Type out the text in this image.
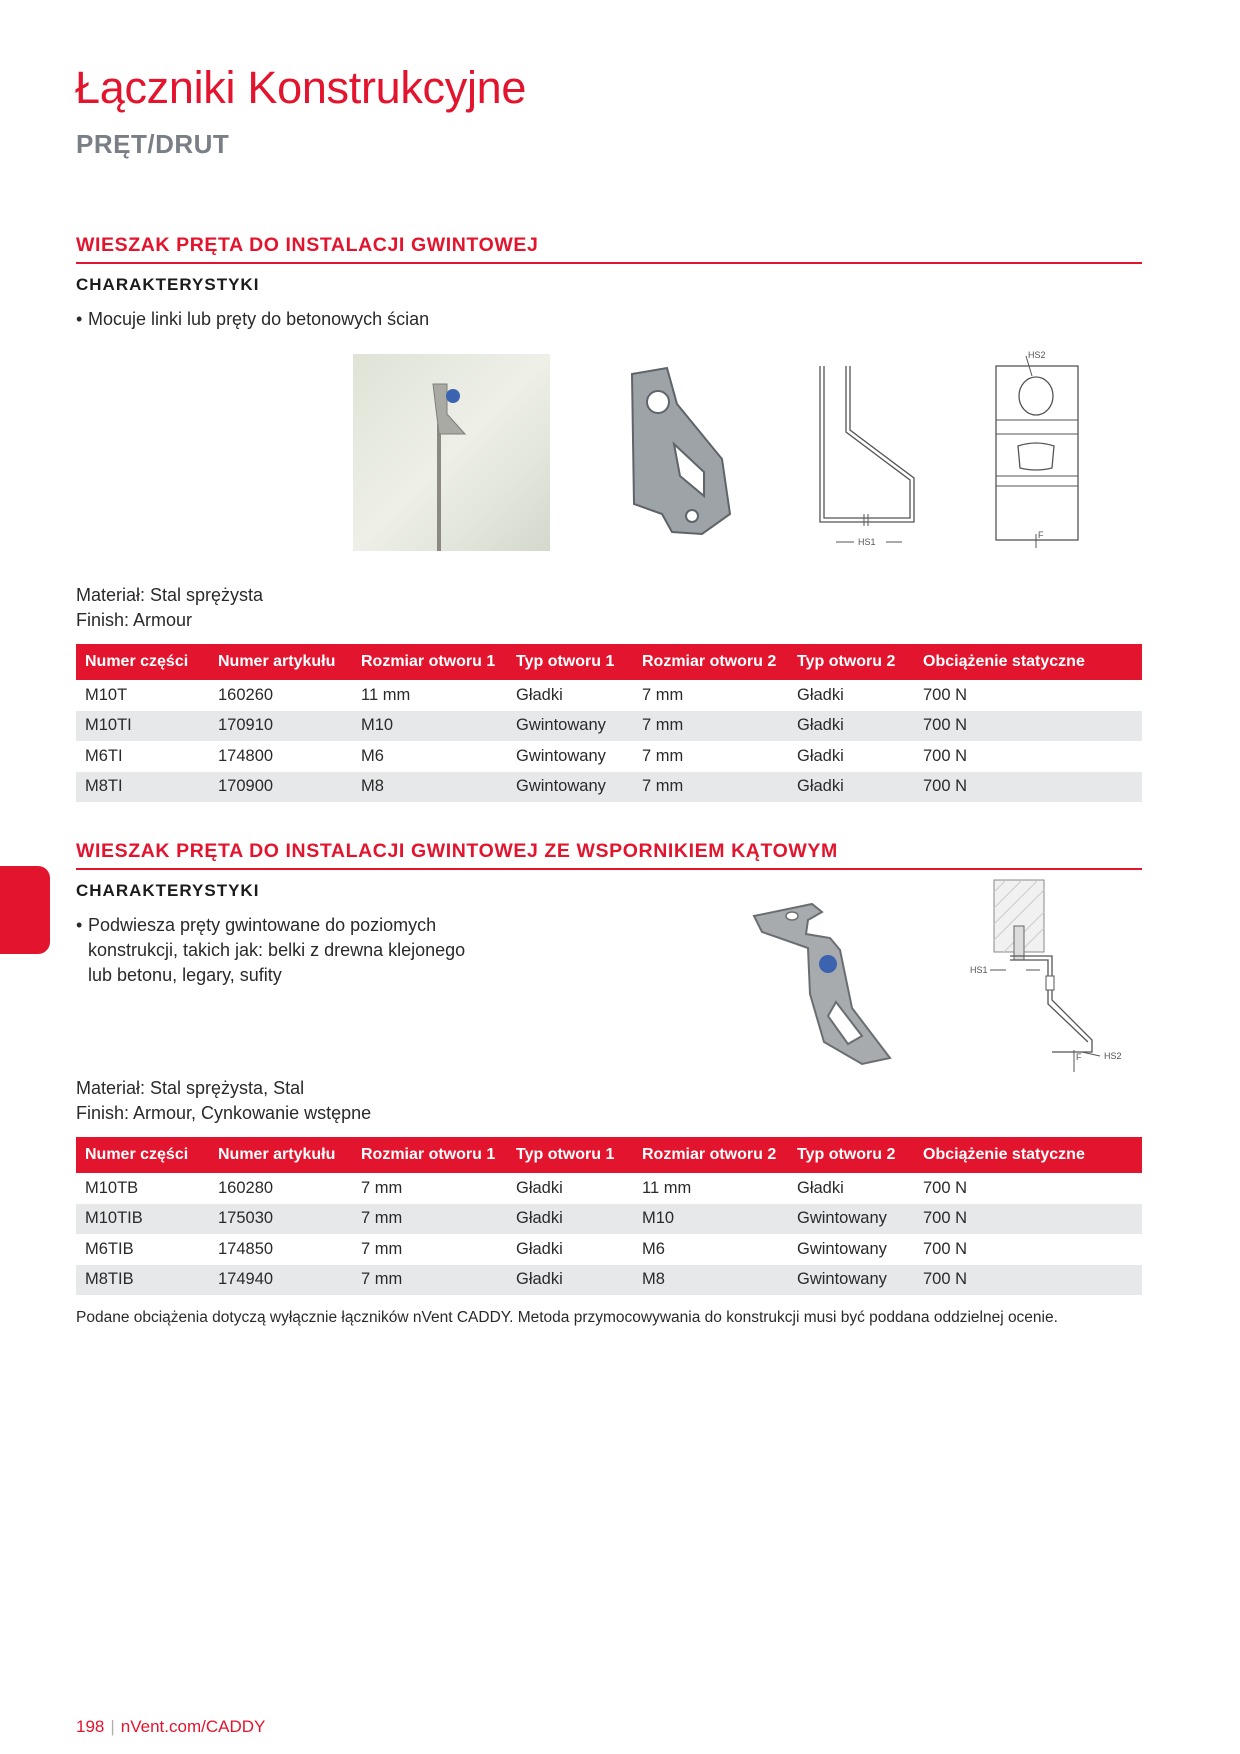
Łączniki Konstrukcyjne
PRĘT/DRUT
WIESZAK PRĘTA DO INSTALACJI GWINTOWEJ
CHARAKTERYSTYKI
• Mocuje linki lub pręty do betonowych ścian
HS1
HS2
F
Materiał: Stal sprężysta
Finish: Armour
Numer części	Numer artykułu	Rozmiar otworu 1	Typ otworu 1	Rozmiar otworu 2	Typ otworu 2	Obciążenie statyczne
M10T	160260	11 mm	Gładki	7 mm	Gładki	700 N
M10TI	170910	M10	Gwintowany	7 mm	Gładki	700 N
M6TI	174800	M6	Gwintowany	7 mm	Gładki	700 N
M8TI	170900	M8	Gwintowany	7 mm	Gładki	700 N
WIESZAK PRĘTA DO INSTALACJI GWINTOWEJ ZE WSPORNIKIEM KĄTOWYM
CHARAKTERYSTYKI
• Podwiesza pręty gwintowane do poziomych
konstrukcji, takich jak: belki z drewna klejonego
lub betonu, legary, sufity	HS1
F	HS2
Materiał: Stal sprężysta, Stal
Finish: Armour, Cynkowanie wstępne
Numer części	Numer artykułu	Rozmiar otworu 1	Typ otworu 1	Rozmiar otworu 2	Typ otworu 2	Obciążenie statyczne
M10TB	160280	7 mm	Gładki	11 mm	Gładki	700 N
M10TIB	175030	7 mm	Gładki	M10	Gwintowany	700 N
M6TIB	174850	7 mm	Gładki	M6	Gwintowany	700 N
M8TIB	174940	7 mm	Gładki	M8	Gwintowany	700 N
Podane obciążenia dotyczą wyłącznie łączników nVent CADDY. Metoda przymocowywania do konstrukcji musi być poddana oddzielnej ocenie.
198 | nVent.com/CADDY
